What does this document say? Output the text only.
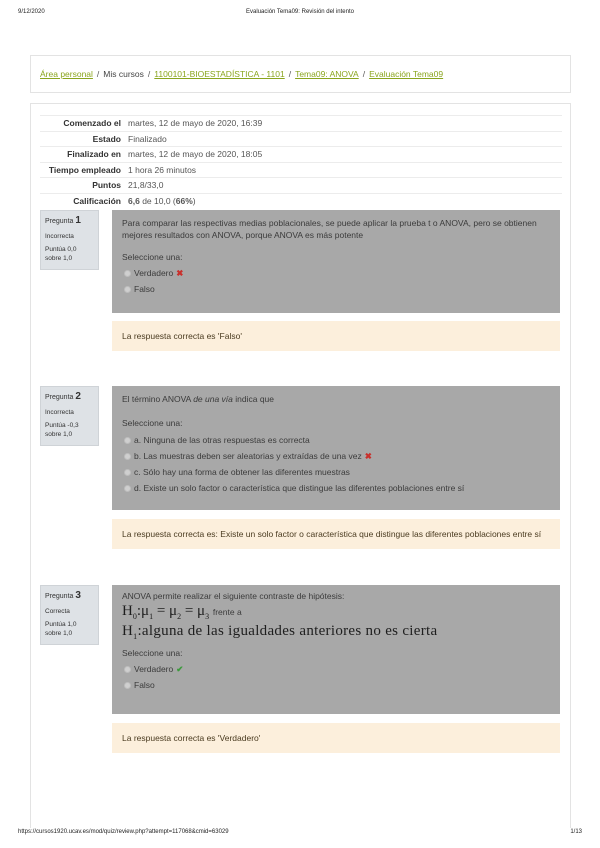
9/12/2020	Evaluación Tema09: Revisión del intento
Área personal / Mis cursos / 1100101-BIOESTADÍSTICA - 1101 / Tema09: ANOVA / Evaluación Tema09
Comenzado el	martes, 12 de mayo de 2020, 16:39
Estado	Finalizado
Finalizado en	martes, 12 de mayo de 2020, 18:05
Tiempo empleado	1 hora 26 minutos
Puntos	21,8/33,0
Calificación	6,6 de 10,0 (66%)
Pregunta 1
Incorrecta
Puntúa 0,0
sobre 1,0
Para comparar las respectivas medias poblacionales, se puede aplicar la prueba t o ANOVA, pero se obtienen mejores resultados con ANOVA, porque ANOVA es más potente
Seleccione una:
Verdadero ✖
Falso
La respuesta correcta es 'Falso'
Pregunta 2
Incorrecta
Puntúa -0,3
sobre 1,0
El término ANOVA de una vía indica que
Seleccione una:
a. Ninguna de las otras respuestas es correcta
b. Las muestras deben ser aleatorias y extraídas de una vez ✖
c. Sólo hay una forma de obtener las diferentes muestras
d. Existe un solo factor o característica que distingue las diferentes poblaciones entre sí
La respuesta correcta es: Existe un solo factor o característica que distingue las diferentes poblaciones entre sí
Pregunta 3
Correcta
Puntúa 1,0
sobre 1,0
ANOVA permite realizar el siguiente contraste de hipótesis:
$H_0:\mu_1 = \mu_2 = \mu_3$ frente a
$H_1:alguna$ de las igualdades anteriores no es cierta
Seleccione una:
Verdadero ✔
Falso
La respuesta correcta es 'Verdadero'
https://cursos1920.ucav.es/mod/quiz/review.php?attempt=117068&cmid=63029	1/13
